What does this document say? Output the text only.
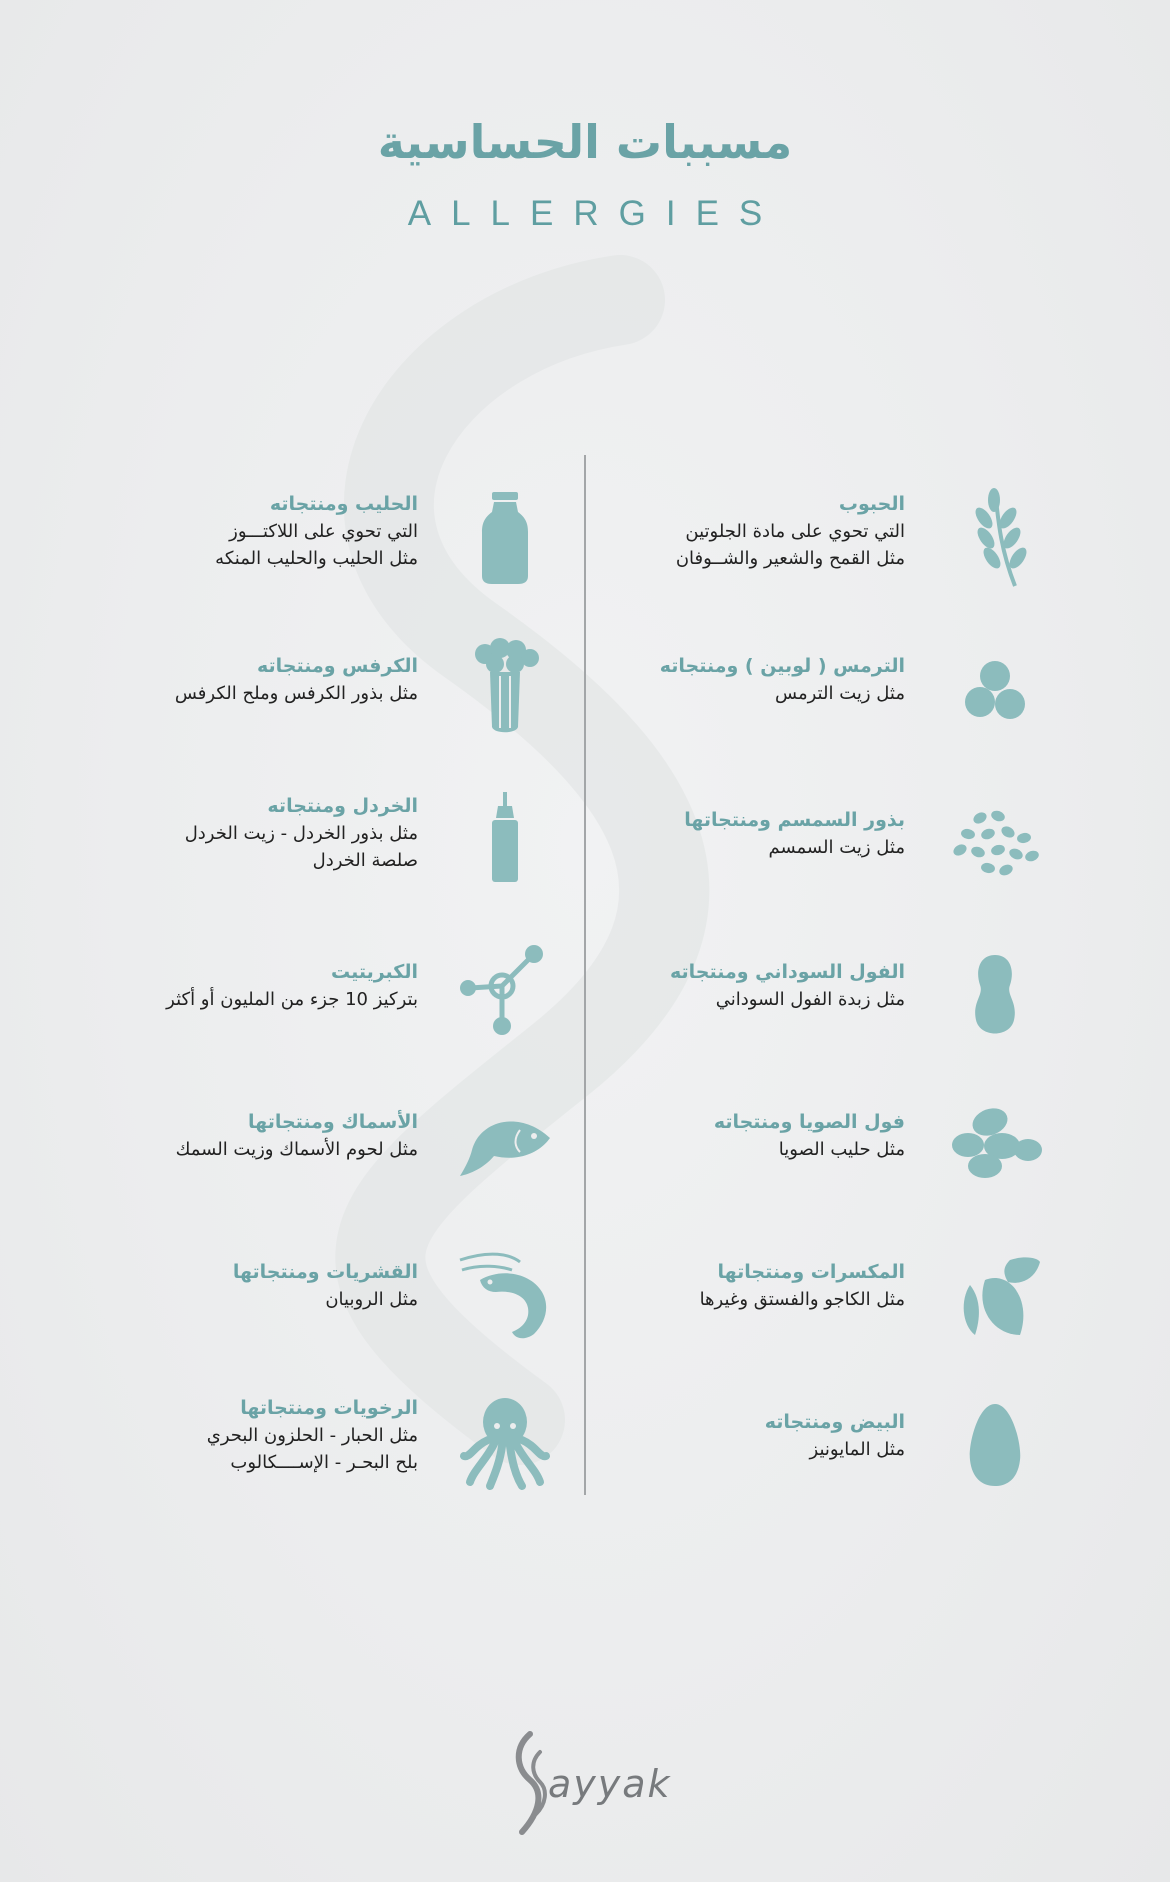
مسببات الحساسية
ALLERGIES
الحبوب
التي تحوي على مادة الجلوتين
مثل القمح والشعير والشــوفان
الترمس ( لوبين ) ومنتجاته
مثل زيت الترمس
بذور السمسم ومنتجاتها
مثل زيت السمسم
الفول السوداني ومنتجاته
مثل زبدة الفول السوداني
فول الصويا ومنتجاته
مثل حليب الصويا
المكسرات ومنتجاتها
مثل الكاجو والفستق وغيرها
البيض ومنتجاته
مثل المايونيز
الحليب ومنتجاته
التي تحوي على اللاكتـــوز
مثل الحليب والحليب المنكه
الكرفس ومنتجاته
مثل بذور الكرفس وملح الكرفس
الخردل ومنتجاته
مثل بذور الخردل - زيت الخردل
صلصة الخردل
الكبريتيت
بتركيز 10 جزء من المليون أو أكثر
الأسماك ومنتجاتها
مثل لحوم الأسماك وزيت السمك
القشريات ومنتجاتها
مثل الروبيان
الرخويات ومنتجاتها
مثل الحبار - الحلزون البحري
بلح البحـر - الإســــكالوب
ayyak
